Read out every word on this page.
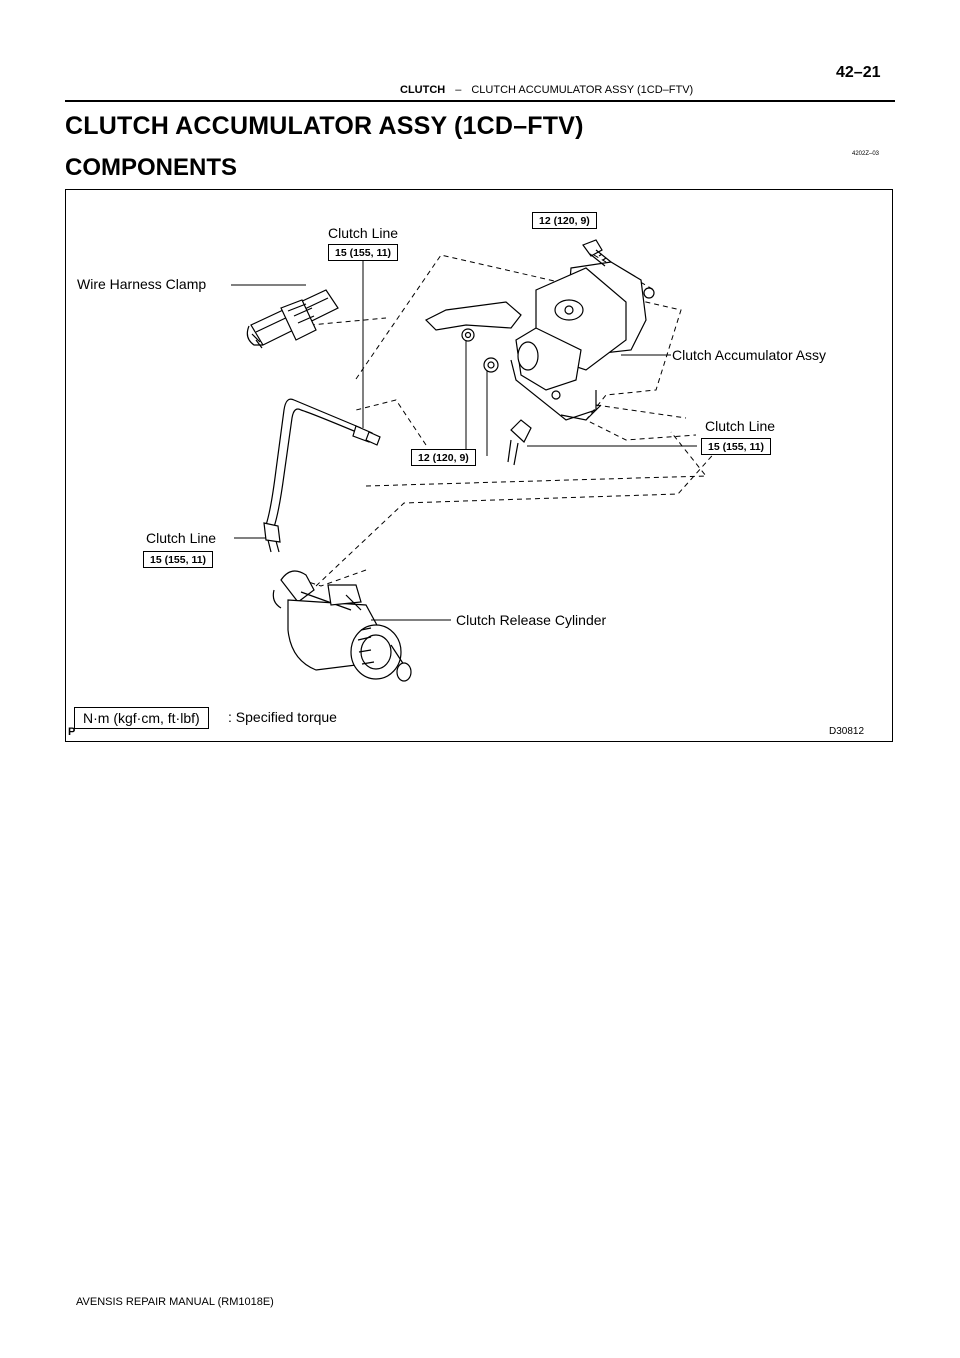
CLUTCH – CLUTCH ACCUMULATOR ASSY (1CD–FTV)
42–21
CLUTCH ACCUMULATOR ASSY (1CD–FTV)
4202Z–03
COMPONENTS
Clutch Line
15 (155, 11)
12 (120, 9)
Wire Harness Clamp
Clutch Accumulator Assy
Clutch Line
15 (155, 11)
12 (120, 9)
Clutch Line
15 (155, 11)
Clutch Release Cylinder
N·m (kgf·cm, ft·lbf)	: Specified torque
P	D30812
AVENSIS REPAIR MANUAL (RM1018E)
